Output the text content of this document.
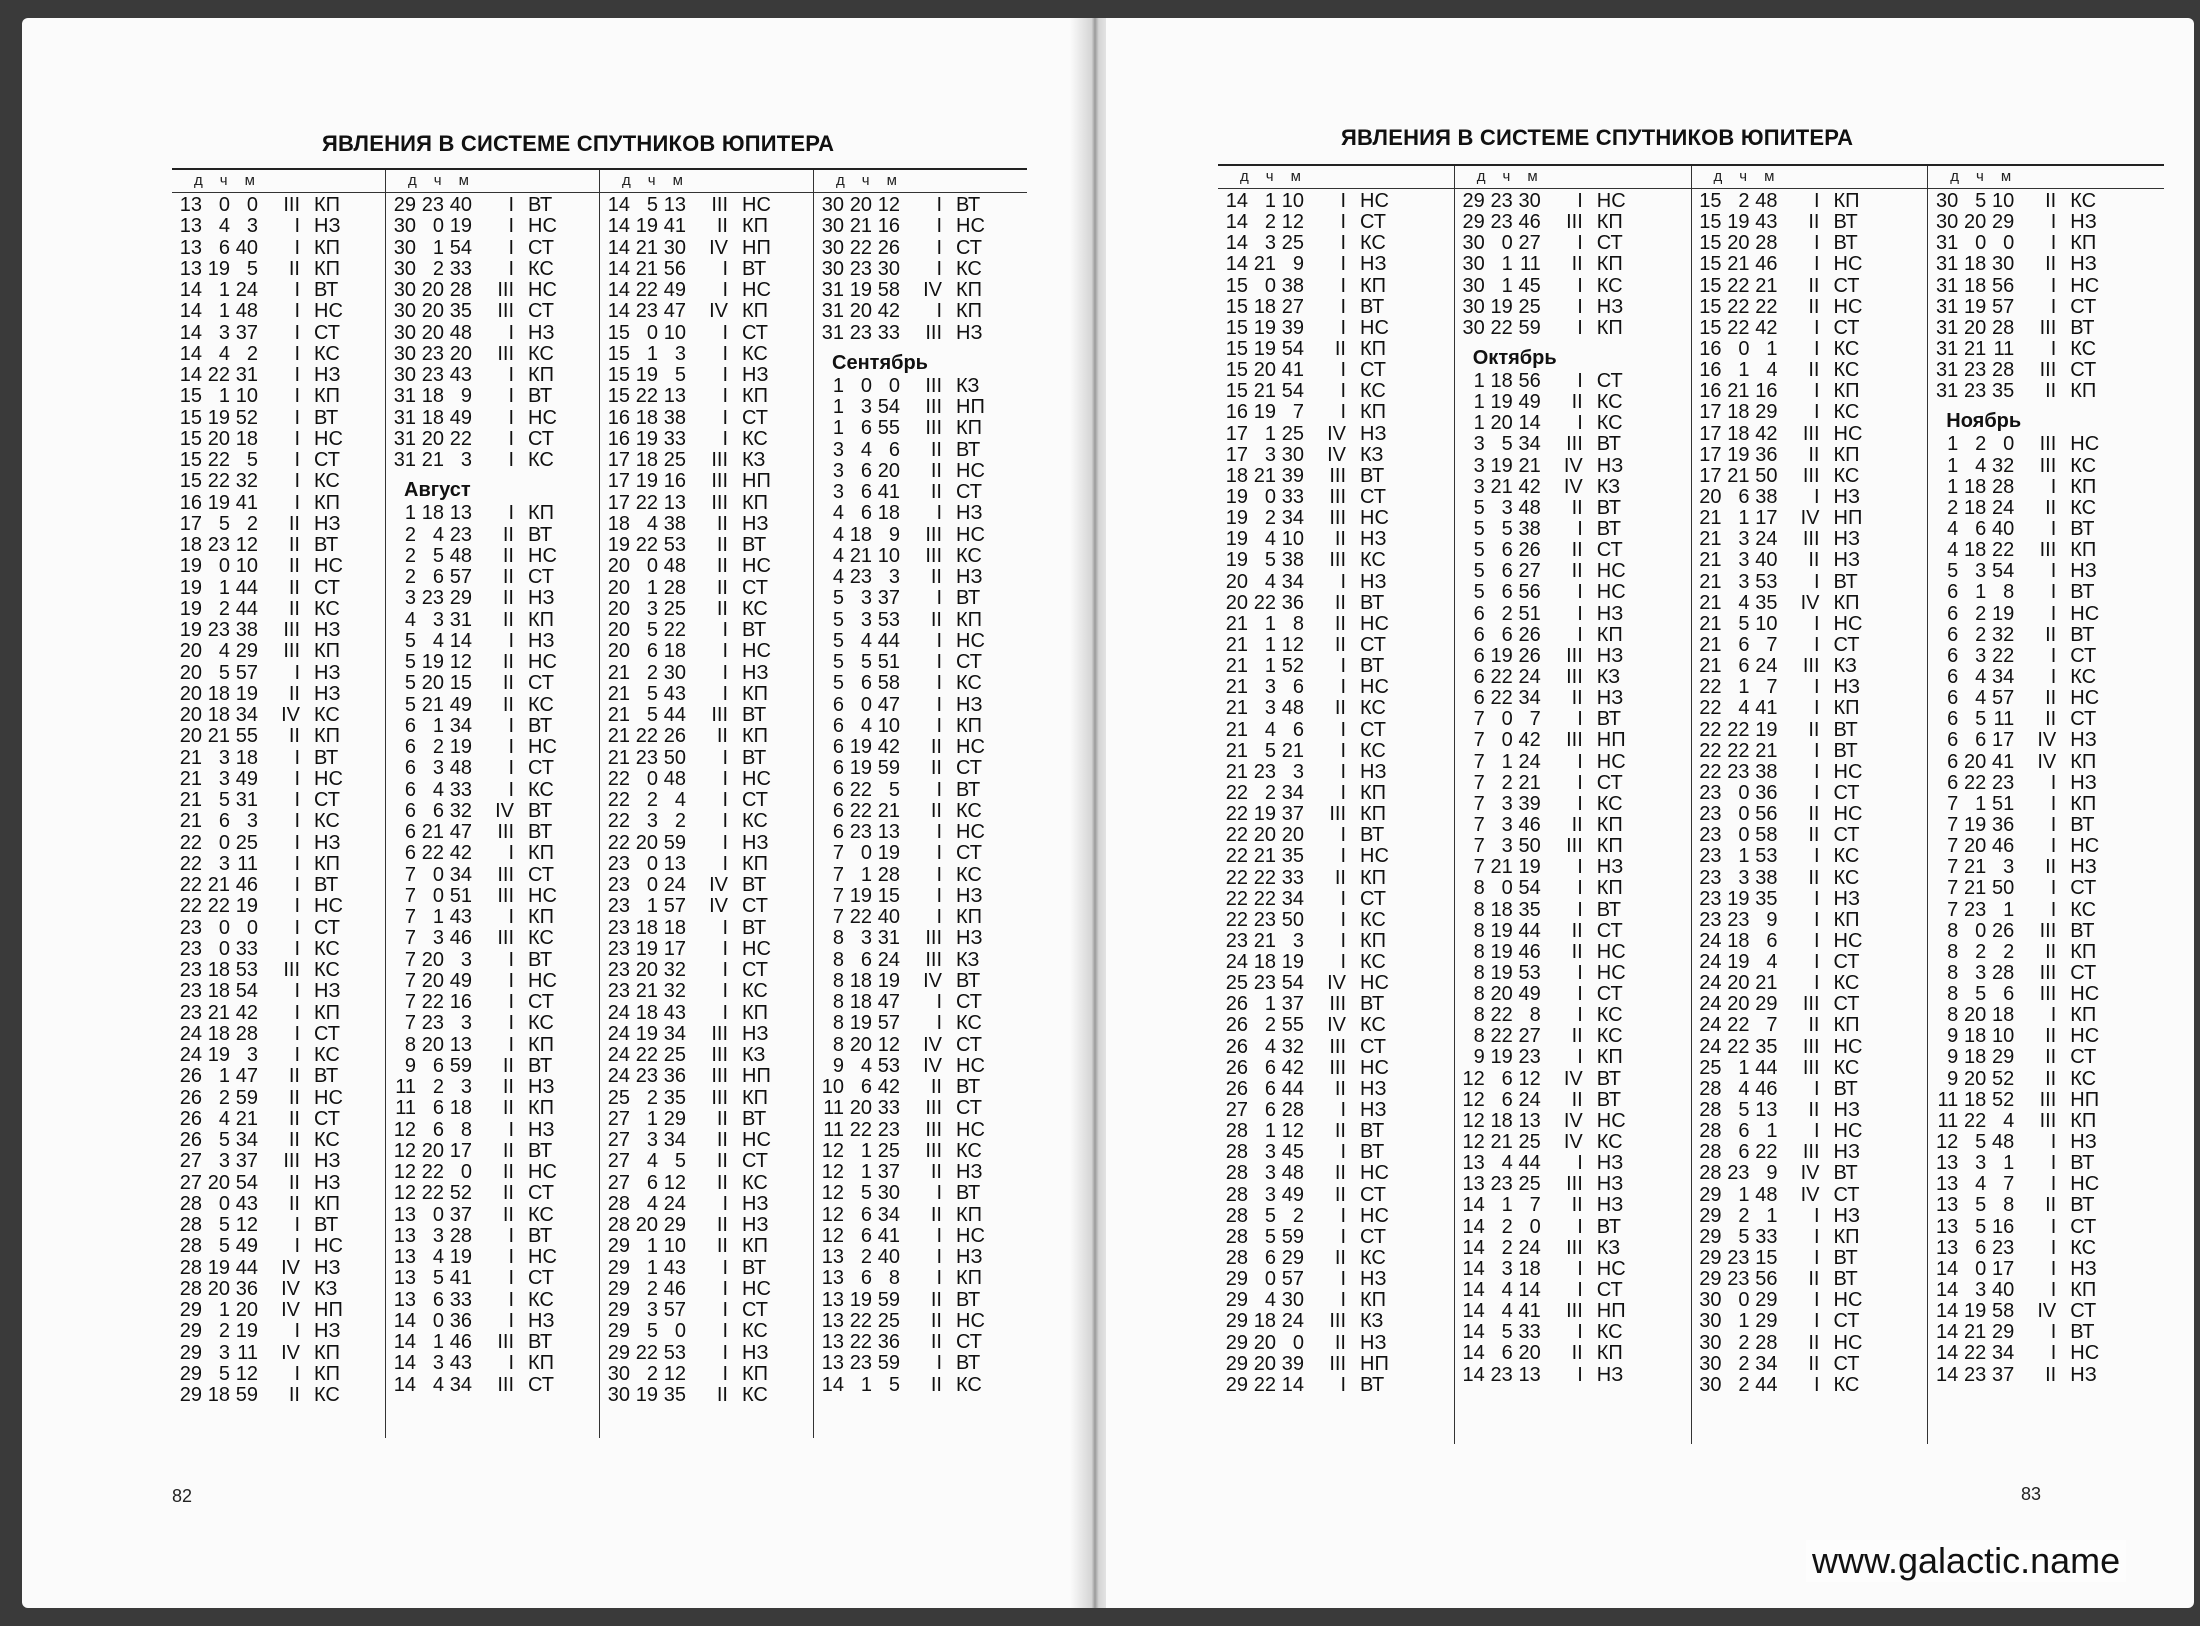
ЯВЛЕНИЯ В СИСТЕМЕ СПУТНИКОВ ЮПИТЕРА
д ч м
13 0 0	III КП
13 4 3	I НЗ
13 6 40	I КП
13 19 5	II КП
14 1 24	I ВТ
14 1 48	I НС
14 3 37	I СТ
14 4 2	I КС
14 22 31	I НЗ
15 1 10	I КП
15 19 52	I ВТ
15 20 18	I НС
15 22 5	I СТ
15 22 32	I КС
16 19 41	I КП
17 5 2	II НЗ
18 23 12	II ВТ
19 0 10	II НС
19 1 44	II СТ
19 2 44	II КС
19 23 38	III НЗ
20 4 29	III КП
20 5 57	I НЗ
20 18 19	II НЗ
20 18 34	IV КС
20 21 55	II КП
21 3 18	I ВТ
21 3 49	I НС
21 5 31	I СТ
21 6 3	I КС
22 0 25	I НЗ
22 3 11	I КП
22 21 46	I ВТ
22 22 19	I НС
23 0 0	I СТ
23 0 33	I КС
23 18 53	III КС
23 18 54	I НЗ
23 21 42	I КП
24 18 28	I СТ
24 19 3	I КС
26 1 47	II ВТ
26 2 59	II НС
26 4 21	II СТ
26 5 34	II КС
27 3 37	III НЗ
27 20 54	II НЗ
28 0 43	II КП
28 5 12	I ВТ
28 5 49	I НС
28 19 44	IV НЗ
28 20 36	IV КЗ
29 1 20	IV НП
29 2 19	I НЗ
29 3 11	IV КП
29 5 12	I КП
29 18 59	II КС
д ч м
29 23 40	I ВТ
30 0 19	I НС
30 1 54	I СТ
30 2 33	I КС
30 20 28	III НС
30 20 35	III СТ
30 20 48	I НЗ
30 23 20	III КС
30 23 43	I КП
31 18 9	I ВТ
31 18 49	I НС
31 20 22	I СТ
31 21 3	I КС
Август
1 18 13	I КП
2 4 23	II ВТ
2 5 48	II НС
2 6 57	II СТ
3 23 29	II НЗ
4 3 31	II КП
5 4 14	I НЗ
5 19 12	II НС
5 20 15	II СТ
5 21 49	II КС
6 1 34	I ВТ
6 2 19	I НС
6 3 48	I СТ
6 4 33	I КС
6 6 32	IV ВТ
6 21 47	III ВТ
6 22 42	I КП
7 0 34	III СТ
7 0 51	III НС
7 1 43	I КП
7 3 46	III КС
7 20 3	I ВТ
7 20 49	I НС
7 22 16	I СТ
7 23 3	I КС
8 20 13	I КП
9 6 59	II ВТ
11 2 3	II НЗ
11 6 18	II КП
12 6 8	I НЗ
12 20 17	II ВТ
12 22 0	II НС
12 22 52	II СТ
13 0 37	II КС
13 3 28	I ВТ
13 4 19	I НС
13 5 41	I СТ
13 6 33	I КС
14 0 36	I НЗ
14 1 46	III ВТ
14 3 43	I КП
14 4 34	III СТ
д ч м
14 5 13	III НС
14 19 41	II КП
14 21 30	IV НП
14 21 56	I ВТ
14 22 49	I НС
14 23 47	IV КП
15 0 10	I СТ
15 1 3	I КС
15 19 5	I НЗ
15 22 13	I КП
16 18 38	I СТ
16 19 33	I КС
17 18 25	III КЗ
17 19 16	III НП
17 22 13	III КП
18 4 38	II НЗ
19 22 53	II ВТ
20 0 48	II НС
20 1 28	II СТ
20 3 25	II КС
20 5 22	I ВТ
20 6 18	I НС
21 2 30	I НЗ
21 5 43	I КП
21 5 44	III ВТ
21 22 26	II КП
21 23 50	I ВТ
22 0 48	I НС
22 2 4	I СТ
22 3 2	I КС
22 20 59	I НЗ
23 0 13	I КП
23 0 24	IV ВТ
23 1 57	IV СТ
23 18 18	I ВТ
23 19 17	I НС
23 20 32	I СТ
23 21 32	I КС
24 18 43	I КП
24 19 34	III НЗ
24 22 25	III КЗ
24 23 36	III НП
25 2 35	III КП
27 1 29	II ВТ
27 3 34	II НС
27 4 5	II СТ
27 6 12	II КС
28 4 24	I НЗ
28 20 29	II НЗ
29 1 10	II КП
29 1 43	I ВТ
29 2 46	I НС
29 3 57	I СТ
29 5 0	I КС
29 22 53	I НЗ
30 2 12	I КП
30 19 35	II КС
д ч м
30 20 12	I ВТ
30 21 16	I НС
30 22 26	I СТ
30 23 30	I КС
31 19 58	IV КП
31 20 42	I КП
31 23 33	III НЗ
Сентябрь
1 0 0	III КЗ
1 3 54	III НП
1 6 55	III КП
3 4 6	II ВТ
3 6 20	II НС
3 6 41	II СТ
4 6 18	I НЗ
4 18 9	III НС
4 21 10	III КС
4 23 3	II НЗ
5 3 37	I ВТ
5 3 53	II КП
5 4 44	I НС
5 5 51	I СТ
5 6 58	I КС
6 0 47	I НЗ
6 4 10	I КП
6 19 42	II НС
6 19 59	II СТ
6 22 5	I ВТ
6 22 21	II КС
6 23 13	I НС
7 0 19	I СТ
7 1 28	I КС
7 19 15	I НЗ
7 22 40	I КП
8 3 31	III НЗ
8 6 24	III КЗ
8 18 19	IV ВТ
8 18 47	I СТ
8 19 57	I КС
8 20 12	IV СТ
9 4 53	IV НС
10 6 42	II ВТ
11 20 33	III СТ
11 22 23	III НС
12 1 25	III КС
12 1 37	II НЗ
12 5 30	I ВТ
12 6 34	II КП
12 6 41	I НС
13 2 40	I НЗ
13 6 8	I КП
13 19 59	II ВТ
13 22 25	II НС
13 22 36	II СТ
13 23 59	I ВТ
14 1 5	II КС
82
ЯВЛЕНИЯ В СИСТЕМЕ СПУТНИКОВ ЮПИТЕРА
д ч м
14 1 10	I НС
14 2 12	I СТ
14 3 25	I КС
14 21 9	I НЗ
15 0 38	I КП
15 18 27	I ВТ
15 19 39	I НС
15 19 54	II КП
15 20 41	I СТ
15 21 54	I КС
16 19 7	I КП
17 1 25	IV НЗ
17 3 30	IV КЗ
18 21 39	III ВТ
19 0 33	III СТ
19 2 34	III НС
19 4 10	II НЗ
19 5 38	III КС
20 4 34	I НЗ
20 22 36	II ВТ
21 1 8	II НС
21 1 12	II СТ
21 1 52	I ВТ
21 3 6	I НС
21 3 48	II КС
21 4 6	I СТ
21 5 21	I КС
21 23 3	I НЗ
22 2 34	I КП
22 19 37	III КП
22 20 20	I ВТ
22 21 35	I НС
22 22 33	II КП
22 22 34	I СТ
22 23 50	I КС
23 21 3	I КП
24 18 19	I КС
25 23 54	IV НС
26 1 37	III ВТ
26 2 55	IV КС
26 4 32	III СТ
26 6 42	III НС
26 6 44	II НЗ
27 6 28	I НЗ
28 1 12	II ВТ
28 3 45	I ВТ
28 3 48	II НС
28 3 49	II СТ
28 5 2	I НС
28 5 59	I СТ
28 6 29	II КС
29 0 57	I НЗ
29 4 30	I КП
29 18 24	III КЗ
29 20 0	II НЗ
29 20 39	III НП
29 22 14	I ВТ
д ч м
29 23 30	I НС
29 23 46	III КП
30 0 27	I СТ
30 1 11	II КП
30 1 45	I КС
30 19 25	I НЗ
30 22 59	I КП
Октябрь
1 18 56	I СТ
1 19 49	II КС
1 20 14	I КС
3 5 34	III ВТ
3 19 21	IV НЗ
3 21 42	IV КЗ
5 3 48	II ВТ
5 5 38	I ВТ
5 6 26	II СТ
5 6 27	II НС
5 6 56	I НС
6 2 51	I НЗ
6 6 26	I КП
6 19 26	III НЗ
6 22 24	III КЗ
6 22 34	II НЗ
7 0 7	I ВТ
7 0 42	III НП
7 1 24	I НС
7 2 21	I СТ
7 3 39	I КС
7 3 46	II КП
7 3 50	III КП
7 21 19	I НЗ
8 0 54	I КП
8 18 35	I ВТ
8 19 44	II СТ
8 19 46	II НС
8 19 53	I НС
8 20 49	I СТ
8 22 8	I КС
8 22 27	II КС
9 19 23	I КП
12 6 12	IV ВТ
12 6 24	II ВТ
12 18 13	IV НС
12 21 25	IV КС
13 4 44	I НЗ
13 23 25	III НЗ
14 1 7	II НЗ
14 2 0	I ВТ
14 2 24	III КЗ
14 3 18	I НС
14 4 14	I СТ
14 4 41	III НП
14 5 33	I КС
14 6 20	II КП
14 23 13	I НЗ
д ч м
15 2 48	I КП
15 19 43	II ВТ
15 20 28	I ВТ
15 21 46	I НС
15 22 21	II СТ
15 22 22	II НС
15 22 42	I СТ
16 0 1	I КС
16 1 4	II КС
16 21 16	I КП
17 18 29	I КС
17 18 42	III НС
17 19 36	II КП
17 21 50	III КС
20 6 38	I НЗ
21 1 17	IV НП
21 3 24	III НЗ
21 3 40	II НЗ
21 3 53	I ВТ
21 4 35	IV КП
21 5 10	I НС
21 6 7	I СТ
21 6 24	III КЗ
22 1 7	I НЗ
22 4 41	I КП
22 22 19	II ВТ
22 22 21	I ВТ
22 23 38	I НС
23 0 36	I СТ
23 0 56	II НС
23 0 58	II СТ
23 1 53	I КС
23 3 38	II КС
23 19 35	I НЗ
23 23 9	I КП
24 18 6	I НС
24 19 4	I СТ
24 20 21	I КС
24 20 29	III СТ
24 22 7	II КП
24 22 35	III НС
25 1 44	III КС
28 4 46	I ВТ
28 5 13	II НЗ
28 6 1	I НС
28 6 22	III НЗ
28 23 9	IV ВТ
29 1 48	IV СТ
29 2 1	I НЗ
29 5 33	I КП
29 23 15	I ВТ
29 23 56	II ВТ
30 0 29	I НС
30 1 29	I СТ
30 2 28	II НС
30 2 34	II СТ
30 2 44	I КС
д ч м
30 5 10	II КС
30 20 29	I НЗ
31 0 0	I КП
31 18 30	II НЗ
31 18 56	I НС
31 19 57	I СТ
31 20 28	III ВТ
31 21 11	I КС
31 23 28	III СТ
31 23 35	II КП
Ноябрь
1 2 0	III НС
1 4 32	III КС
1 18 28	I КП
2 18 24	II КС
4 6 40	I ВТ
4 18 22	III КП
5 3 54	I НЗ
6 1 8	I ВТ
6 2 19	I НС
6 2 32	II ВТ
6 3 22	I СТ
6 4 34	I КС
6 4 57	II НС
6 5 11	II СТ
6 6 17	IV НЗ
6 20 41	IV КП
6 22 23	I НЗ
7 1 51	I КП
7 19 36	I ВТ
7 20 46	I НС
7 21 3	II НЗ
7 21 50	I СТ
7 23 1	I КС
8 0 26	III ВТ
8 2 2	II КП
8 3 28	III СТ
8 5 6	III НС
8 20 18	I КП
9 18 10	II НС
9 18 29	II СТ
9 20 52	II КС
11 18 52	III НП
11 22 4	III КП
12 5 48	I НЗ
13 3 1	I ВТ
13 4 7	I НС
13 5 8	II ВТ
13 5 16	I СТ
13 6 23	I КС
14 0 17	I НЗ
14 3 40	I КП
14 19 58	IV СТ
14 21 29	I ВТ
14 22 34	I НС
14 23 37	II НЗ
83
www.galactic.name
